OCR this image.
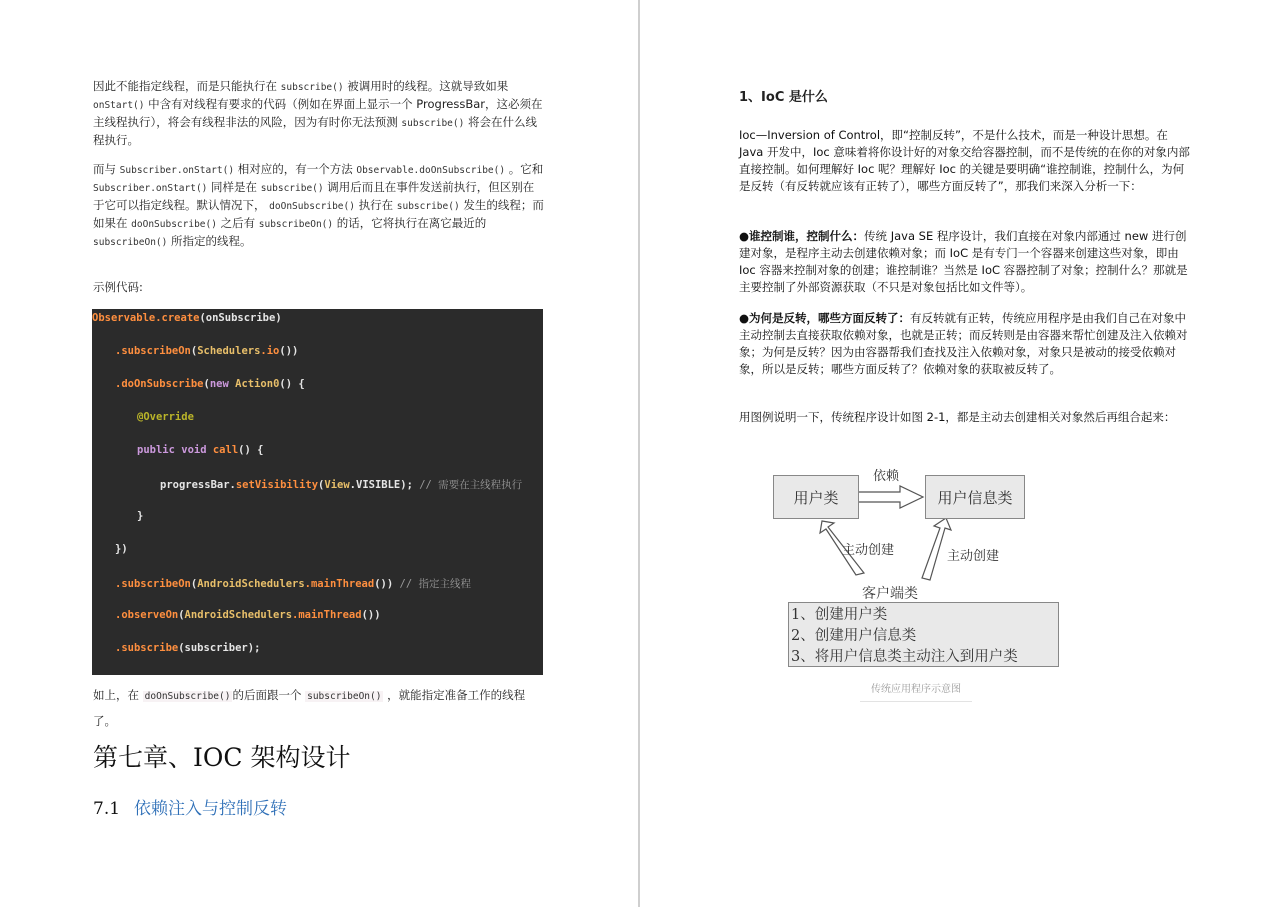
因此不能指定线程，而是只能执行在 subscribe() 被调用时的线程。这就导致如果 onStart() 中含有对线程有要求的代码（例如在界面上显示一个 ProgressBar，这必须在主线程执行），将会有线程非法的风险，因为有时你无法预测 subscribe() 将会在什么线程执行。

而与 Subscriber.onStart() 相对应的，有一个方法 Observable.doOnSubscribe() 。它和 Subscriber.onStart() 同样是在 subscribe() 调用后而且在事件发送前执行，但区别在于它可以指定线程。默认情况下， doOnSubscribe() 执行在 subscribe() 发生的线程；而如果在 doOnSubscribe() 之后有 subscribeOn() 的话，它将执行在离它最近的 subscribeOn() 所指定的线程。

示例代码:

Observable.create(onSubscribe)
.subscribeOn(Schedulers.io())
.doOnSubscribe(new Action0() {
@Override
public void call() {
progressBar.setVisibility(View.VISIBLE); // 需要在主线程执行
}
})
.subscribeOn(AndroidSchedulers.mainThread()) // 指定主线程
.observeOn(AndroidSchedulers.mainThread())
.subscribe(subscriber);

如上，在 doOnSubscribe() 的后面跟一个 subscribeOn() ，就能指定准备工作的线程了。

第七章、IOC 架构设计
7.1 依赖注入与控制反转
1、IoC 是什么

Ioc—Inversion of Control，即“控制反转”，不是什么技术，而是一种设计思想。在 Java 开发中，Ioc 意味着将你设计好的对象交给容器控制，而不是传统的在你的对象内部直接控制。如何理解好 Ioc 呢？理解好 Ioc 的关键是要明确“谁控制谁，控制什么，为何是反转（有反转就应该有正转了），哪些方面反转了”，那我们来深入分析一下：

●谁控制谁，控制什么：传统 Java SE 程序设计，我们直接在对象内部通过 new 进行创建对象，是程序主动去创建依赖对象；而 IoC 是有专门一个容器来创建这些对象，即由 Ioc 容器来控制对象的创建；谁控制谁？当然是 IoC 容器控制了对象；控制什么？那就是主要控制了外部资源获取（不只是对象包括比如文件等）。

●为何是反转，哪些方面反转了：有反转就有正转，传统应用程序是由我们自己在对象中主动控制去直接获取依赖对象，也就是正转；而反转则是由容器来帮忙创建及注入依赖对象；为何是反转？因为由容器帮我们查找及注入依赖对象，对象只是被动的接受依赖对象，所以是反转；哪些方面反转了？依赖对象的获取被反转了。

用图例说明一下，传统程序设计如图 2-1，都是主动去创建相关对象然后再组合起来：

用户类	用户信息类
依赖
主动创建	主动创建
客户端类
1、创建用户类
2、创建用户信息类
3、将用户信息类主动注入到用户类
传统应用程序示意图
